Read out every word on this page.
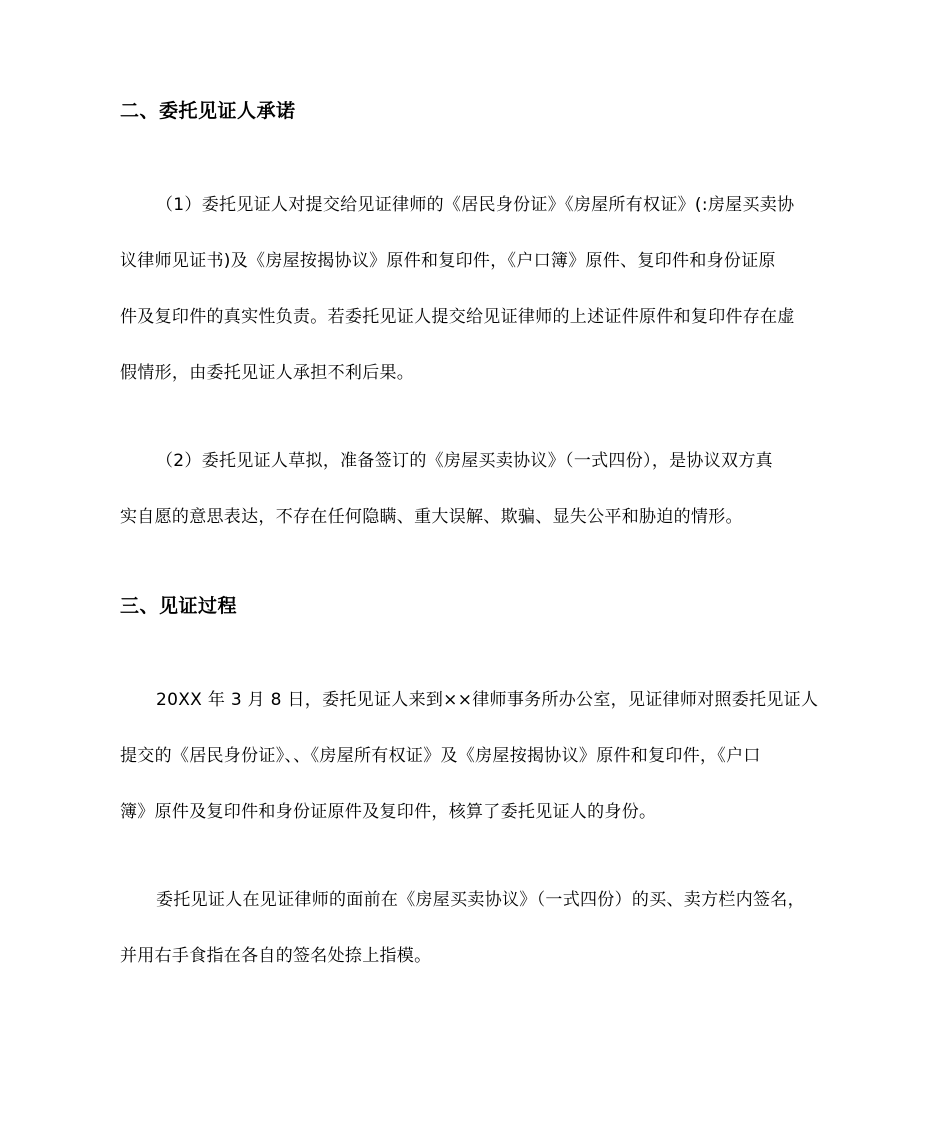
二、委托见证人承诺

（1）委托见证人对提交给见证律师的《居民身份证》《房屋所有权证》(:房屋买卖协

议律师见证书)及《房屋按揭协议》原件和复印件，《户口簿》原件、复印件和身份证原

件及复印件的真实性负责。若委托见证人提交给见证律师的上述证件原件和复印件存在虚

假情形，由委托见证人承担不利后果。

（2）委托见证人草拟，准备签订的《房屋买卖协议》（一式四份），是协议双方真

实自愿的意思表达，不存在任何隐瞒、重大误解、欺骗、显失公平和胁迫的情形。

三、见证过程

20XX 年 3 月 8 日，委托见证人来到××律师事务所办公室，见证律师对照委托见证人

提交的《居民身份证》、、《房屋所有权证》及《房屋按揭协议》原件和复印件，《户口

簿》原件及复印件和身份证原件及复印件，核算了委托见证人的身份。

委托见证人在见证律师的面前在《房屋买卖协议》（一式四份）的买、卖方栏内签名，

并用右手食指在各自的签名处捺上指模。
